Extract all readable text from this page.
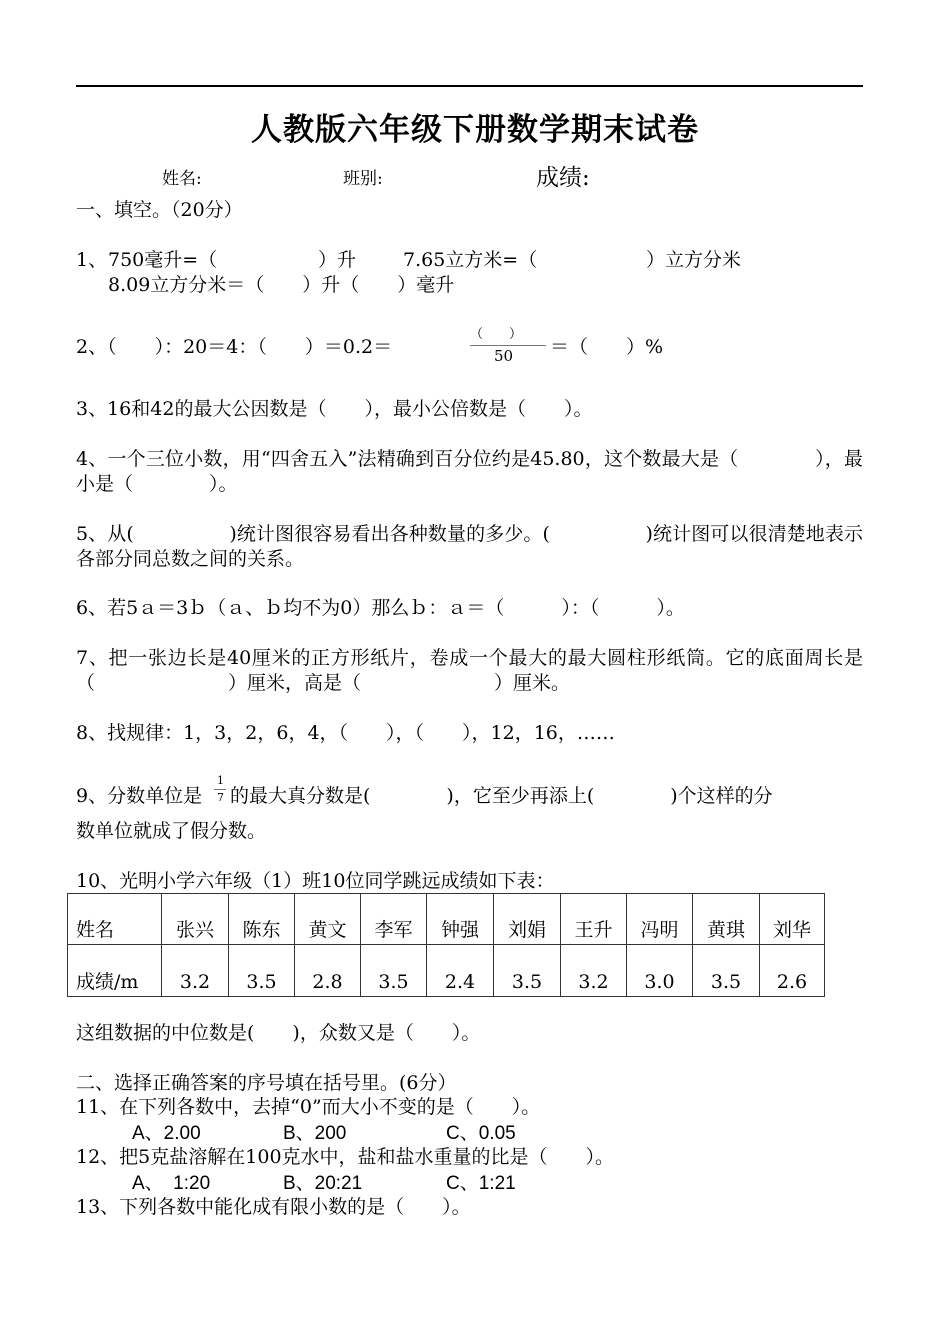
人教版六年级下册数学期末试卷
姓名:	班别:	成绩:
一、填空。（20分）
1、 750毫升=（	）升 7.65立方米=（	）立方分米
8.09立方分米＝（　　）升（　　）毫升
2、（　　）：20＝4：（　　）＝0.2＝
（　　）
50 ＝（　　）%
3、16和42的最大公因数是（　　），最小公倍数是（　　）。
4、一个三位小数，用“四舍五入”法精确到百分位约是45.80，这个数最大是（　　　　），最小是（　　　　）。
5、从(　　　　　)统计图很容易看出各种数量的多少。(　　　　　)统计图可以很清楚地表示各部分同总数之间的关系。
6、若5ａ＝3ｂ（ａ、ｂ均不为0）那么ｂ：ａ＝（　　　）：（　　　）。
7、把一张边长是40厘米的正方形纸片，卷成一个最大的最大圆柱形纸筒。它的底面周长是（　　　　　　　）厘米，高是（　　　　　　　）厘米。
8、找规律：1，3，2，6，4，（　　），（　　），12，16，……
9、分数单位是
1
7 的最大真分数是(　　　　)，它至少再添上(　　　　)个这样的分
数单位就成了假分数。
10、光明小学六年级（1）班10位同学跳远成绩如下表：
姓名	张兴	陈东	黄文	李军	钟强	刘娟	王升	冯明	黄琪	刘华
成绩/m	3.2	3.5	2.8	3.5	2.4	3.5	3.2	3.0	3.5	2.6
这组数据的中位数是(　　)，众数又是（　　）。
二、选择正确答案的序号填在括号里。(6分）
11、在下列各数中，去掉“0”而大小不变的是（　　）。
A、2.00	B、200	C、0.05
12、把5克盐溶解在100克水中，盐和盐水重量的比是（　　）。
A、　1:20	B、20:21	C、1:21
13、下列各数中能化成有限小数的是（　　）。
